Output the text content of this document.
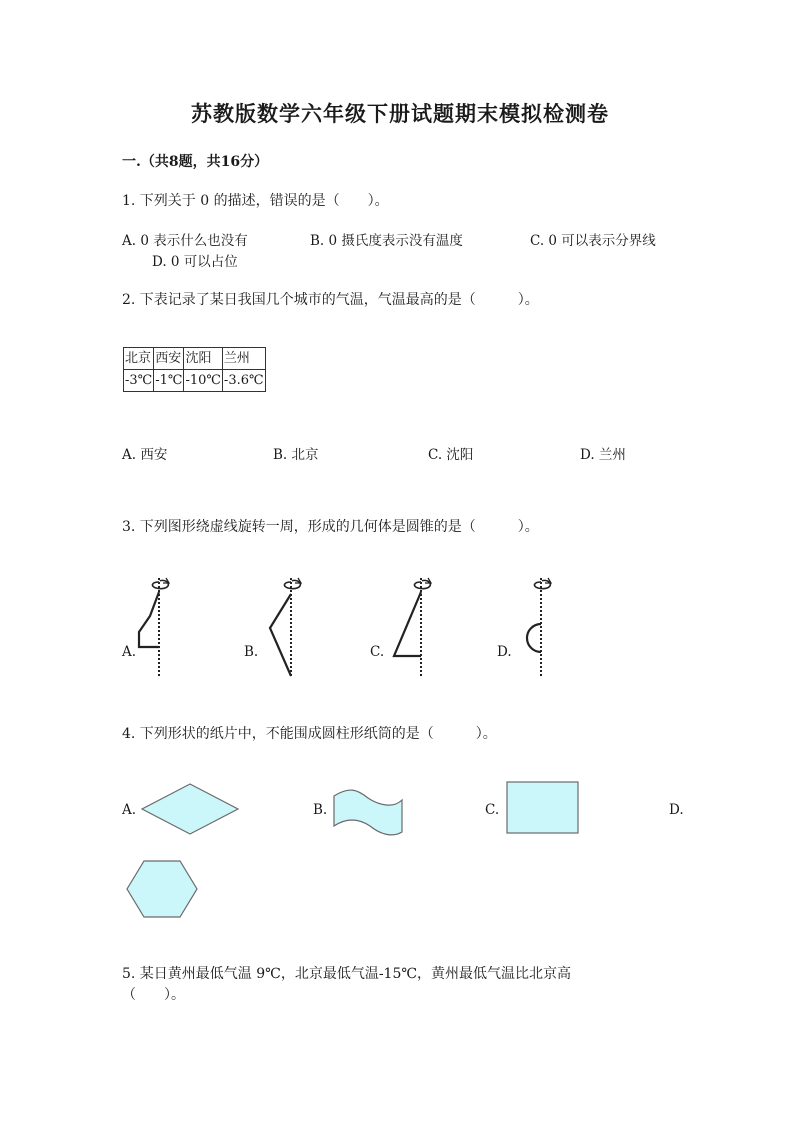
苏教版数学六年级下册试题期末模拟检测卷
一.（共8题，共16分）
1. 下列关于 0 的描述，错误的是（　　）。
A. 0 表示什么也没有	B. 0 摄氏度表示没有温度	C. 0 可以表示分界线
D. 0 可以占位
2. 下表记录了某日我国几个城市的气温，气温最高的是（　　　）。
北京	西安	沈阳	兰州
-3℃	-1℃	-10℃	-3.6℃
A. 西安	B. 北京	C. 沈阳	D. 兰州
3. 下列图形绕虚线旋转一周，形成的几何体是圆锥的是（　　　）。
A.	B.	C.	D.
4. 下列形状的纸片中，不能围成圆柱形纸筒的是（　　　）。
A.	B.	C.	D.
5. 某日黄州最低气温 9℃，北京最低气温-15℃，黄州最低气温比北京高
（　　）。
